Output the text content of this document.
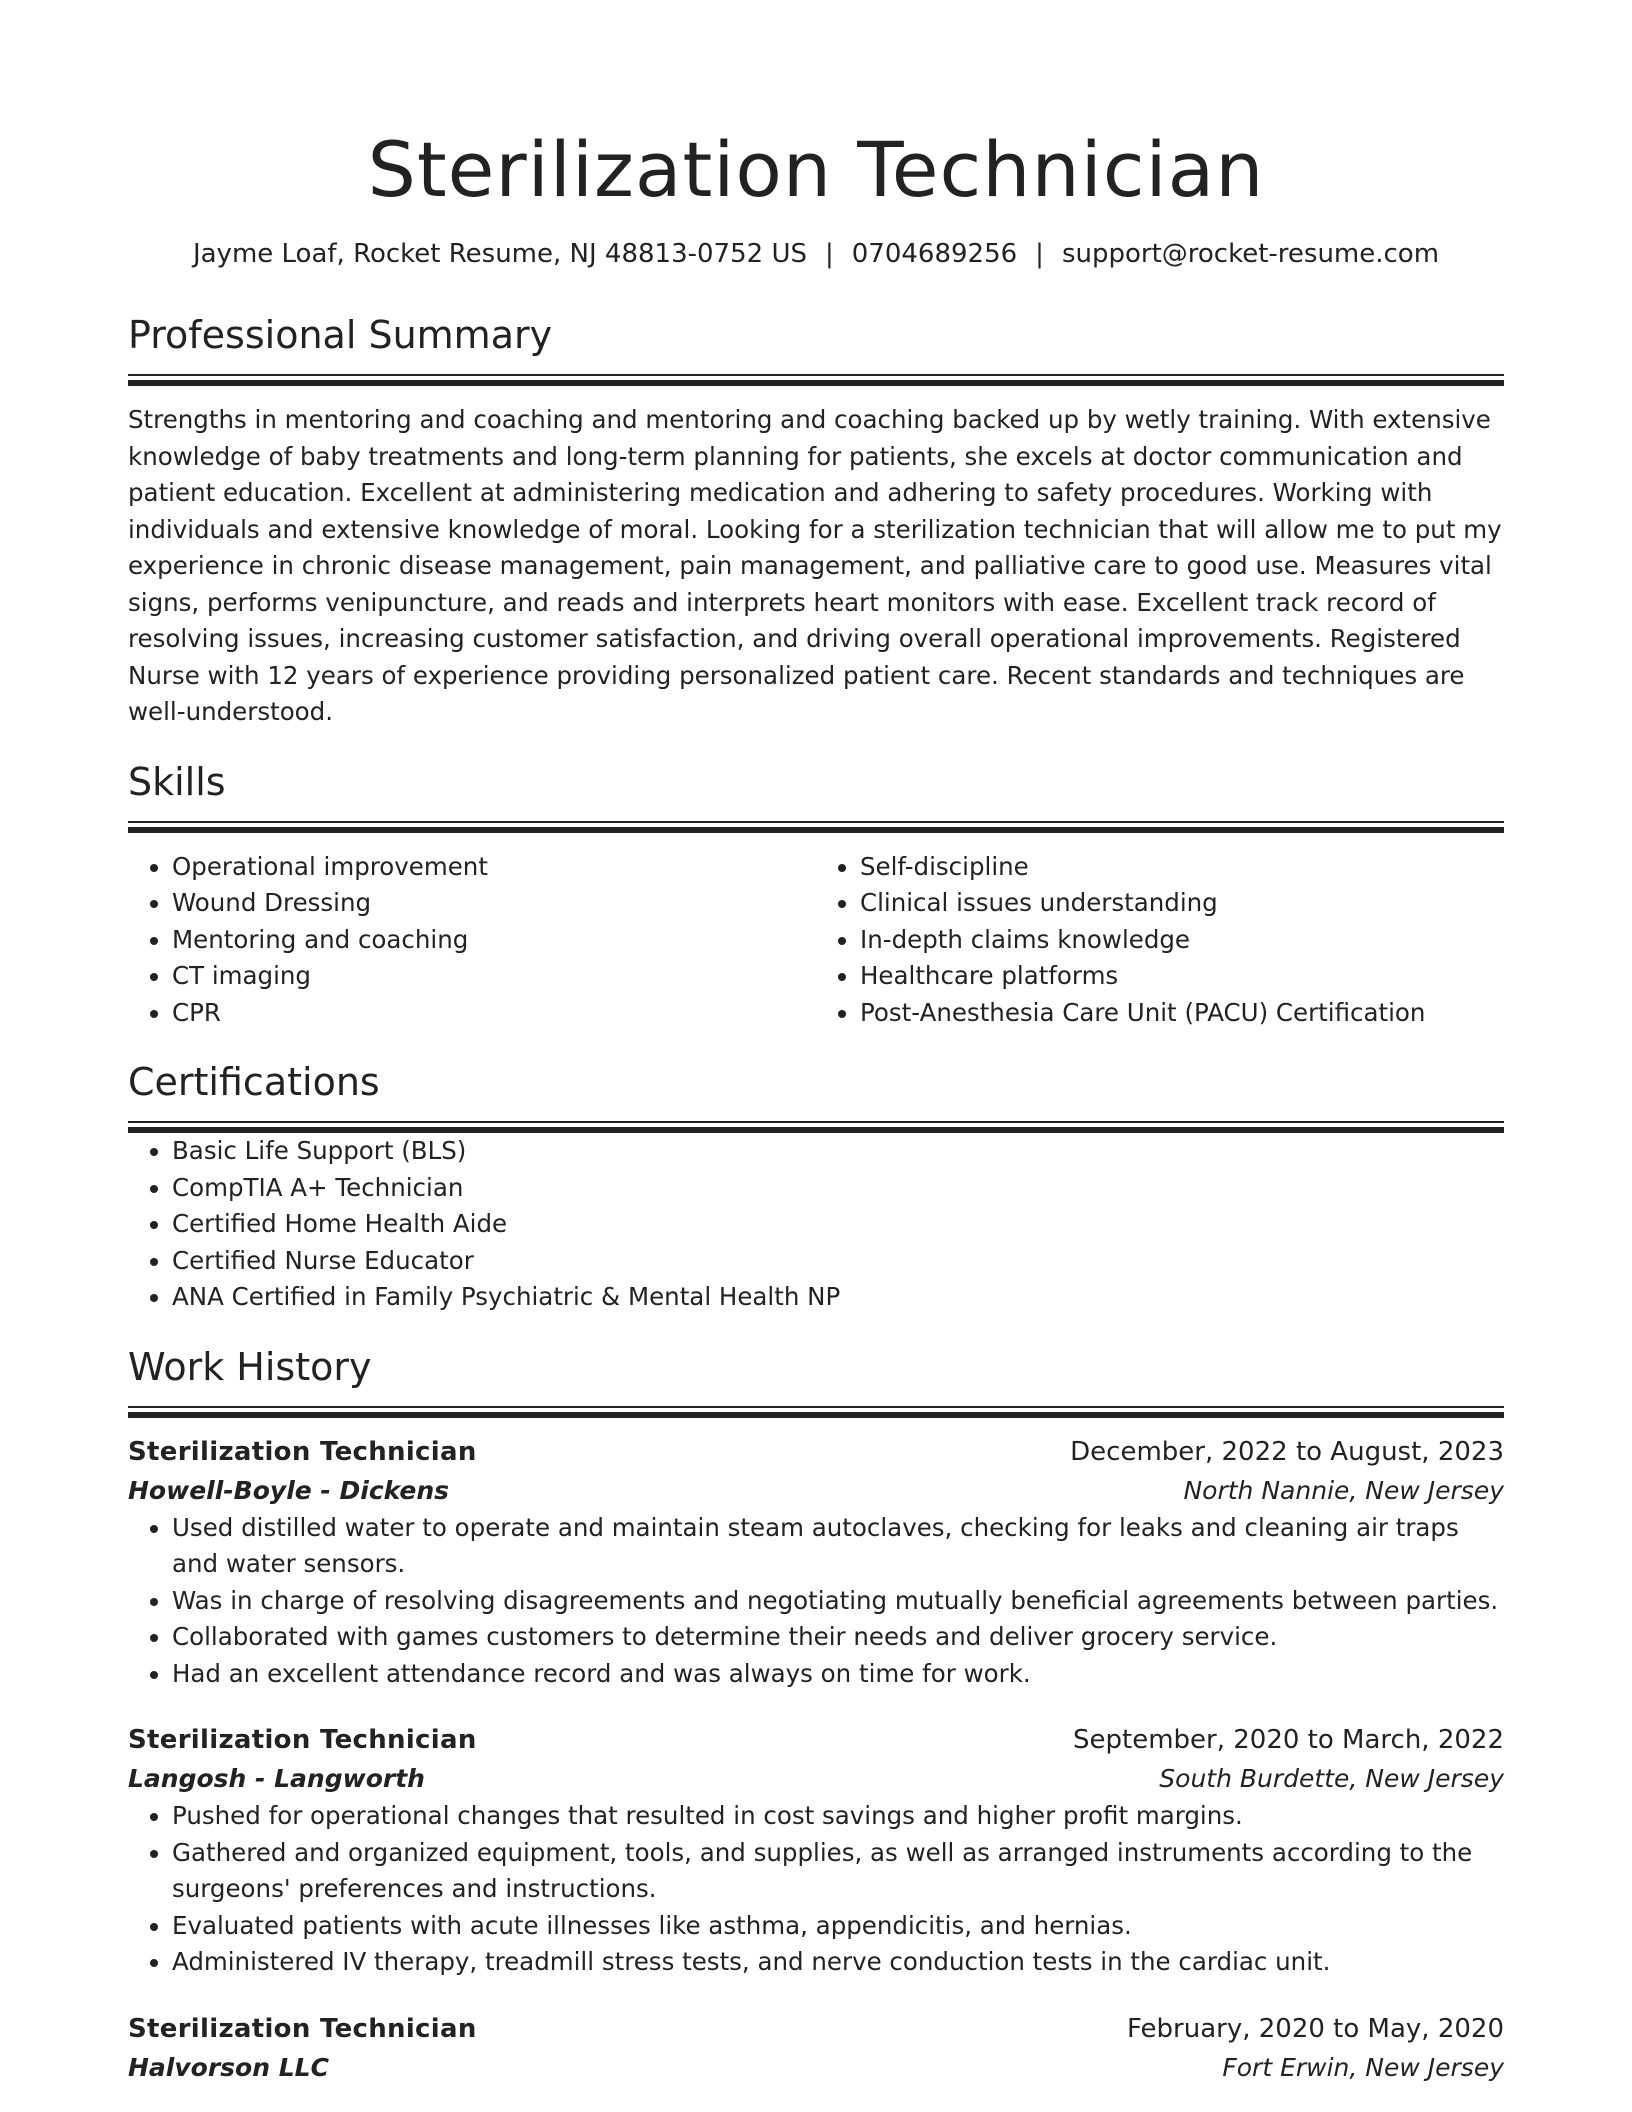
Sterilization Technician
Jayme Loaf, Rocket Resume, NJ 48813-0752 US | 0704689256 | support@rocket-resume.com
Professional Summary
Strengths in mentoring and coaching and mentoring and coaching backed up by wetly training. With extensive knowledge of baby treatments and long-term planning for patients, she excels at doctor communication and patient education. Excellent at administering medication and adhering to safety procedures. Working with individuals and extensive knowledge of moral. Looking for a sterilization technician that will allow me to put my experience in chronic disease management, pain management, and palliative care to good use. Measures vital signs, performs venipuncture, and reads and interprets heart monitors with ease. Excellent track record of resolving issues, increasing customer satisfaction, and driving overall operational improvements. Registered Nurse with 12 years of experience providing personalized patient care. Recent standards and techniques are well-understood.
Skills
• Operational improvement
• Wound Dressing
• Mentoring and coaching
• CT imaging
• CPR
• Self-discipline
• Clinical issues understanding
• In-depth claims knowledge
• Healthcare platforms
• Post-Anesthesia Care Unit (PACU) Certification
Certifications
• Basic Life Support (BLS)
• CompTIA A+ Technician
• Certified Home Health Aide
• Certified Nurse Educator
• ANA Certified in Family Psychiatric & Mental Health NP
Work History
Sterilization Technician	December, 2022 to August, 2023
Howell-Boyle - Dickens	North Nannie, New Jersey
• Used distilled water to operate and maintain steam autoclaves, checking for leaks and cleaning air traps and water sensors.
• Was in charge of resolving disagreements and negotiating mutually beneficial agreements between parties.
• Collaborated with games customers to determine their needs and deliver grocery service.
• Had an excellent attendance record and was always on time for work.
Sterilization Technician	September, 2020 to March, 2022
Langosh - Langworth	South Burdette, New Jersey
• Pushed for operational changes that resulted in cost savings and higher profit margins.
• Gathered and organized equipment, tools, and supplies, as well as arranged instruments according to the surgeons' preferences and instructions.
• Evaluated patients with acute illnesses like asthma, appendicitis, and hernias.
• Administered IV therapy, treadmill stress tests, and nerve conduction tests in the cardiac unit.
Sterilization Technician	February, 2020 to May, 2020
Halvorson LLC	Fort Erwin, New Jersey
